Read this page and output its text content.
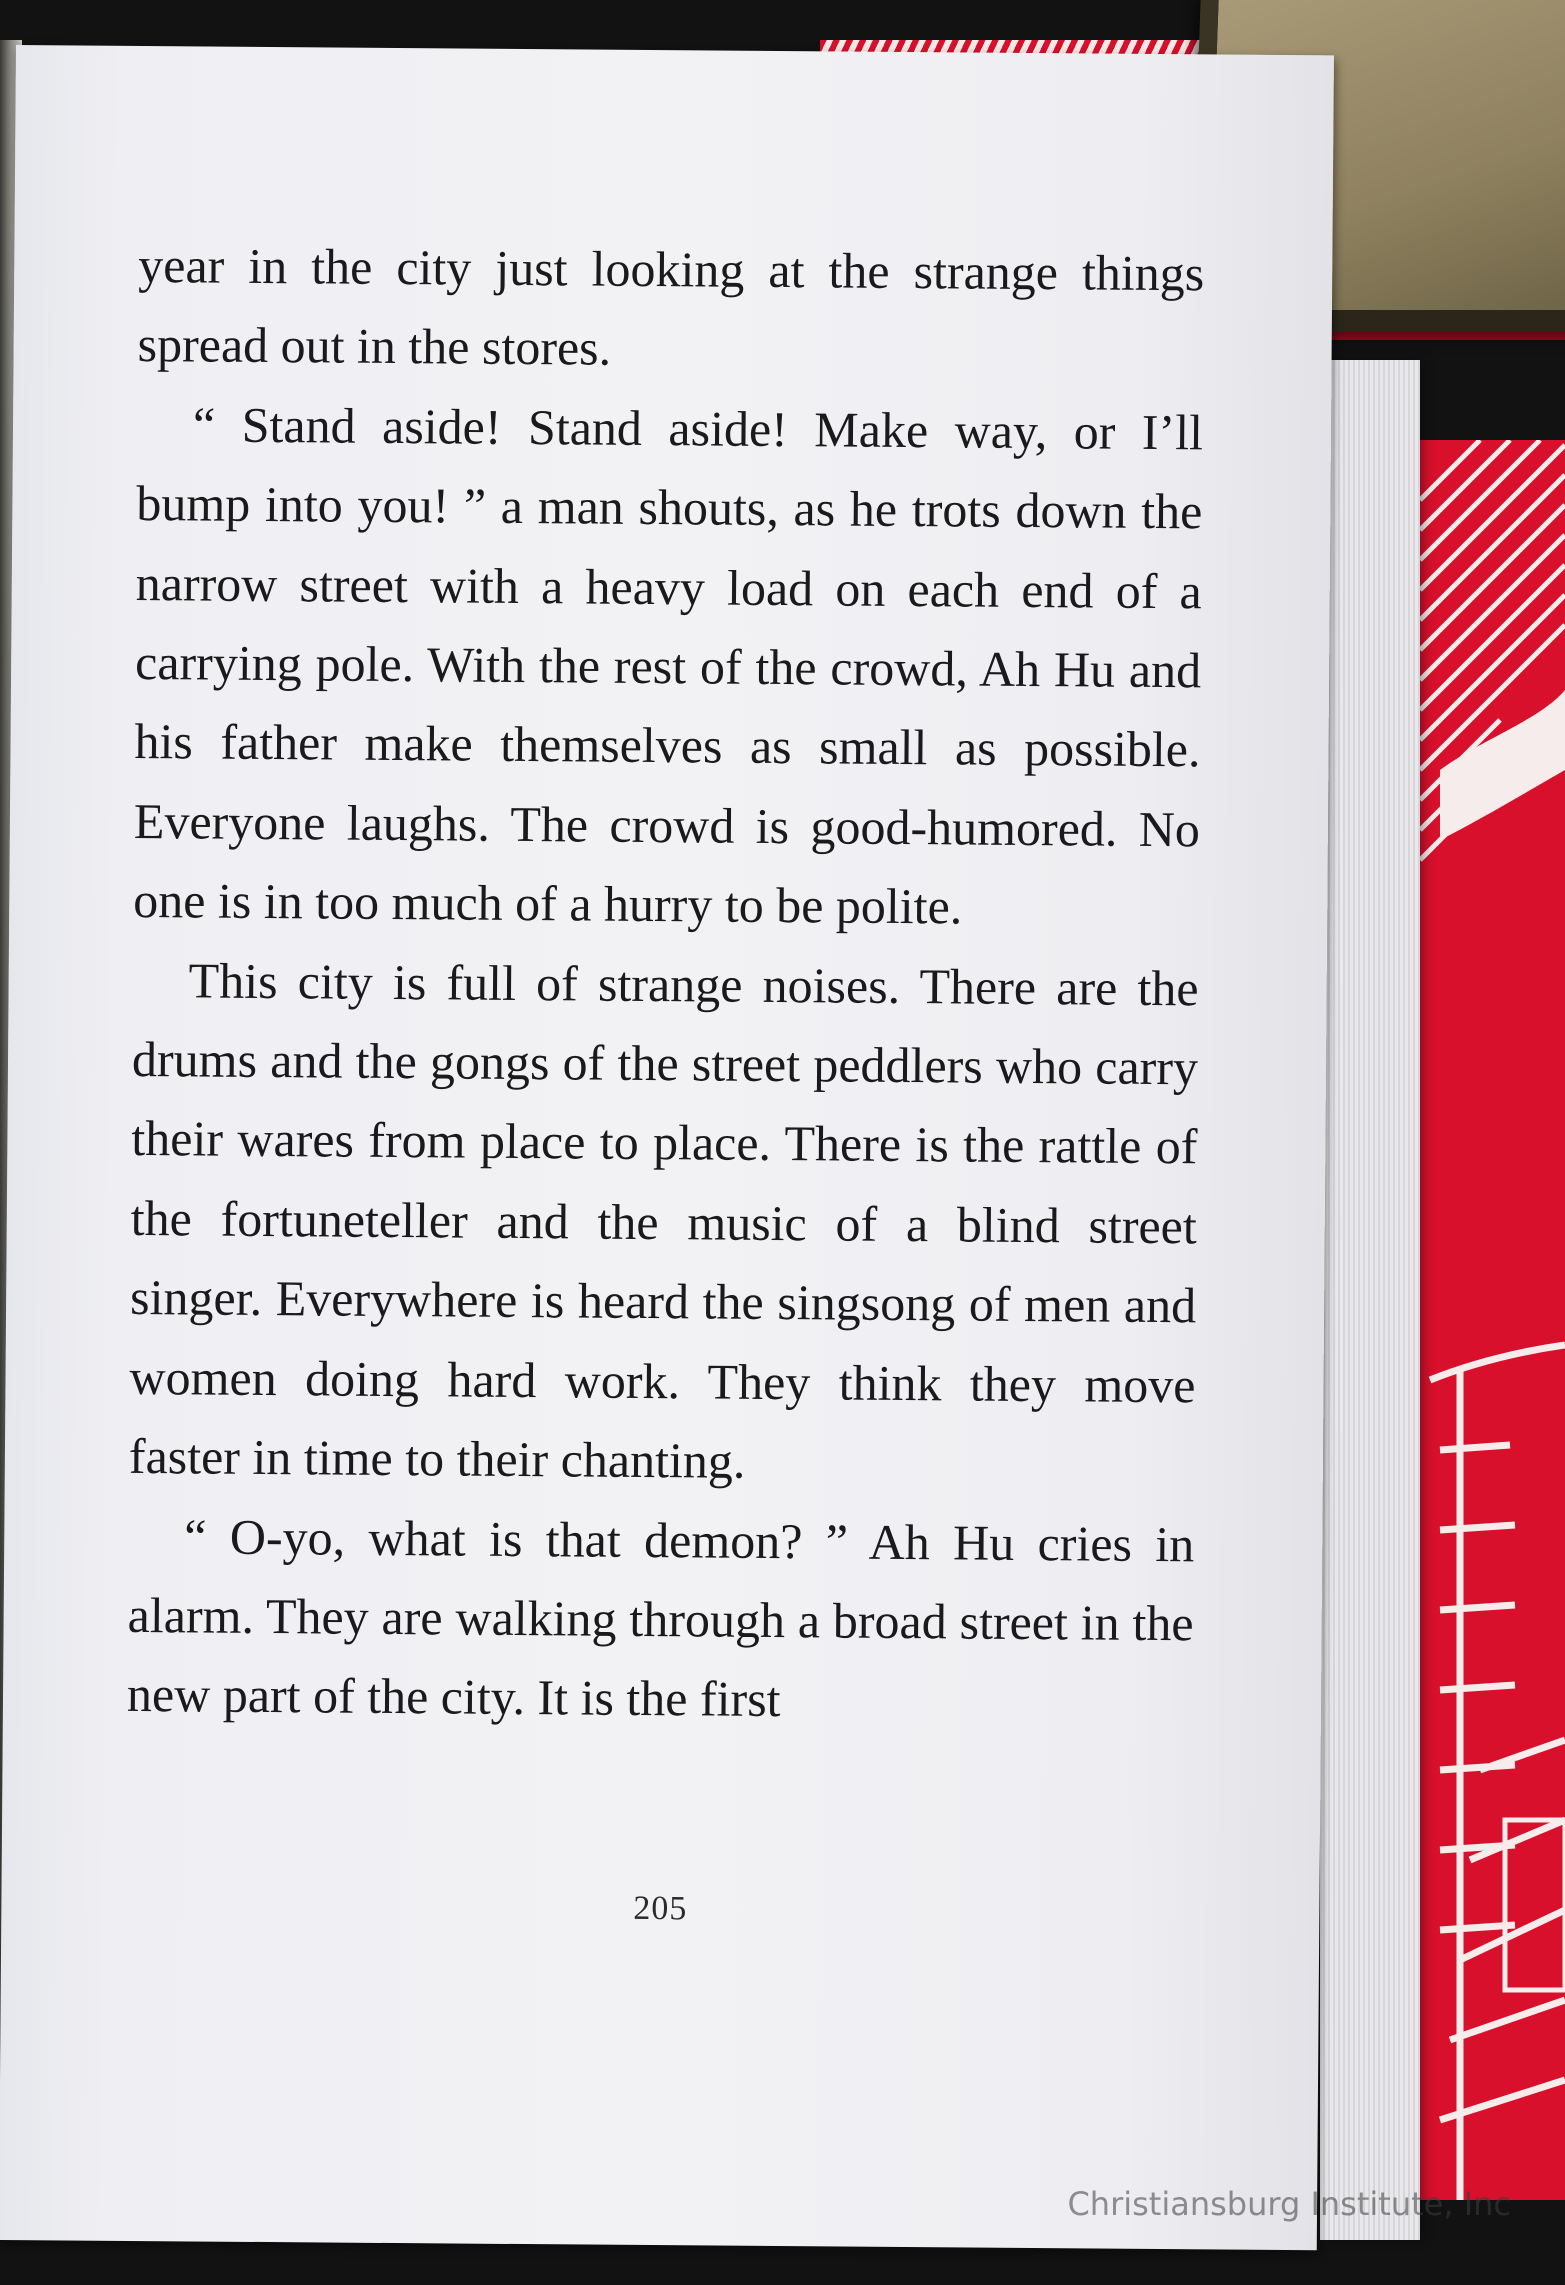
year in the city just looking at the strange things spread out in the stores.

“ Stand aside! Stand aside! Make way, or I’ll bump into you! ” a man shouts, as he trots down the narrow street with a heavy load on each end of a carrying pole. With the rest of the crowd, Ah Hu and his father make themselves as small as possible. Everyone laughs. The crowd is good-humored. No one is in too much of a hurry to be polite.

This city is full of strange noises. There are the drums and the gongs of the street peddlers who carry their wares from place to place. There is the rattle of the fortuneteller and the music of a blind street singer. Everywhere is heard the singsong of men and women doing hard work. They think they move faster in time to their chanting.

“ O-yo, what is that demon? ” Ah Hu cries in alarm. They are walking through a broad street in the new part of the city. It is the first

205
Christiansburg Institute, Inc
